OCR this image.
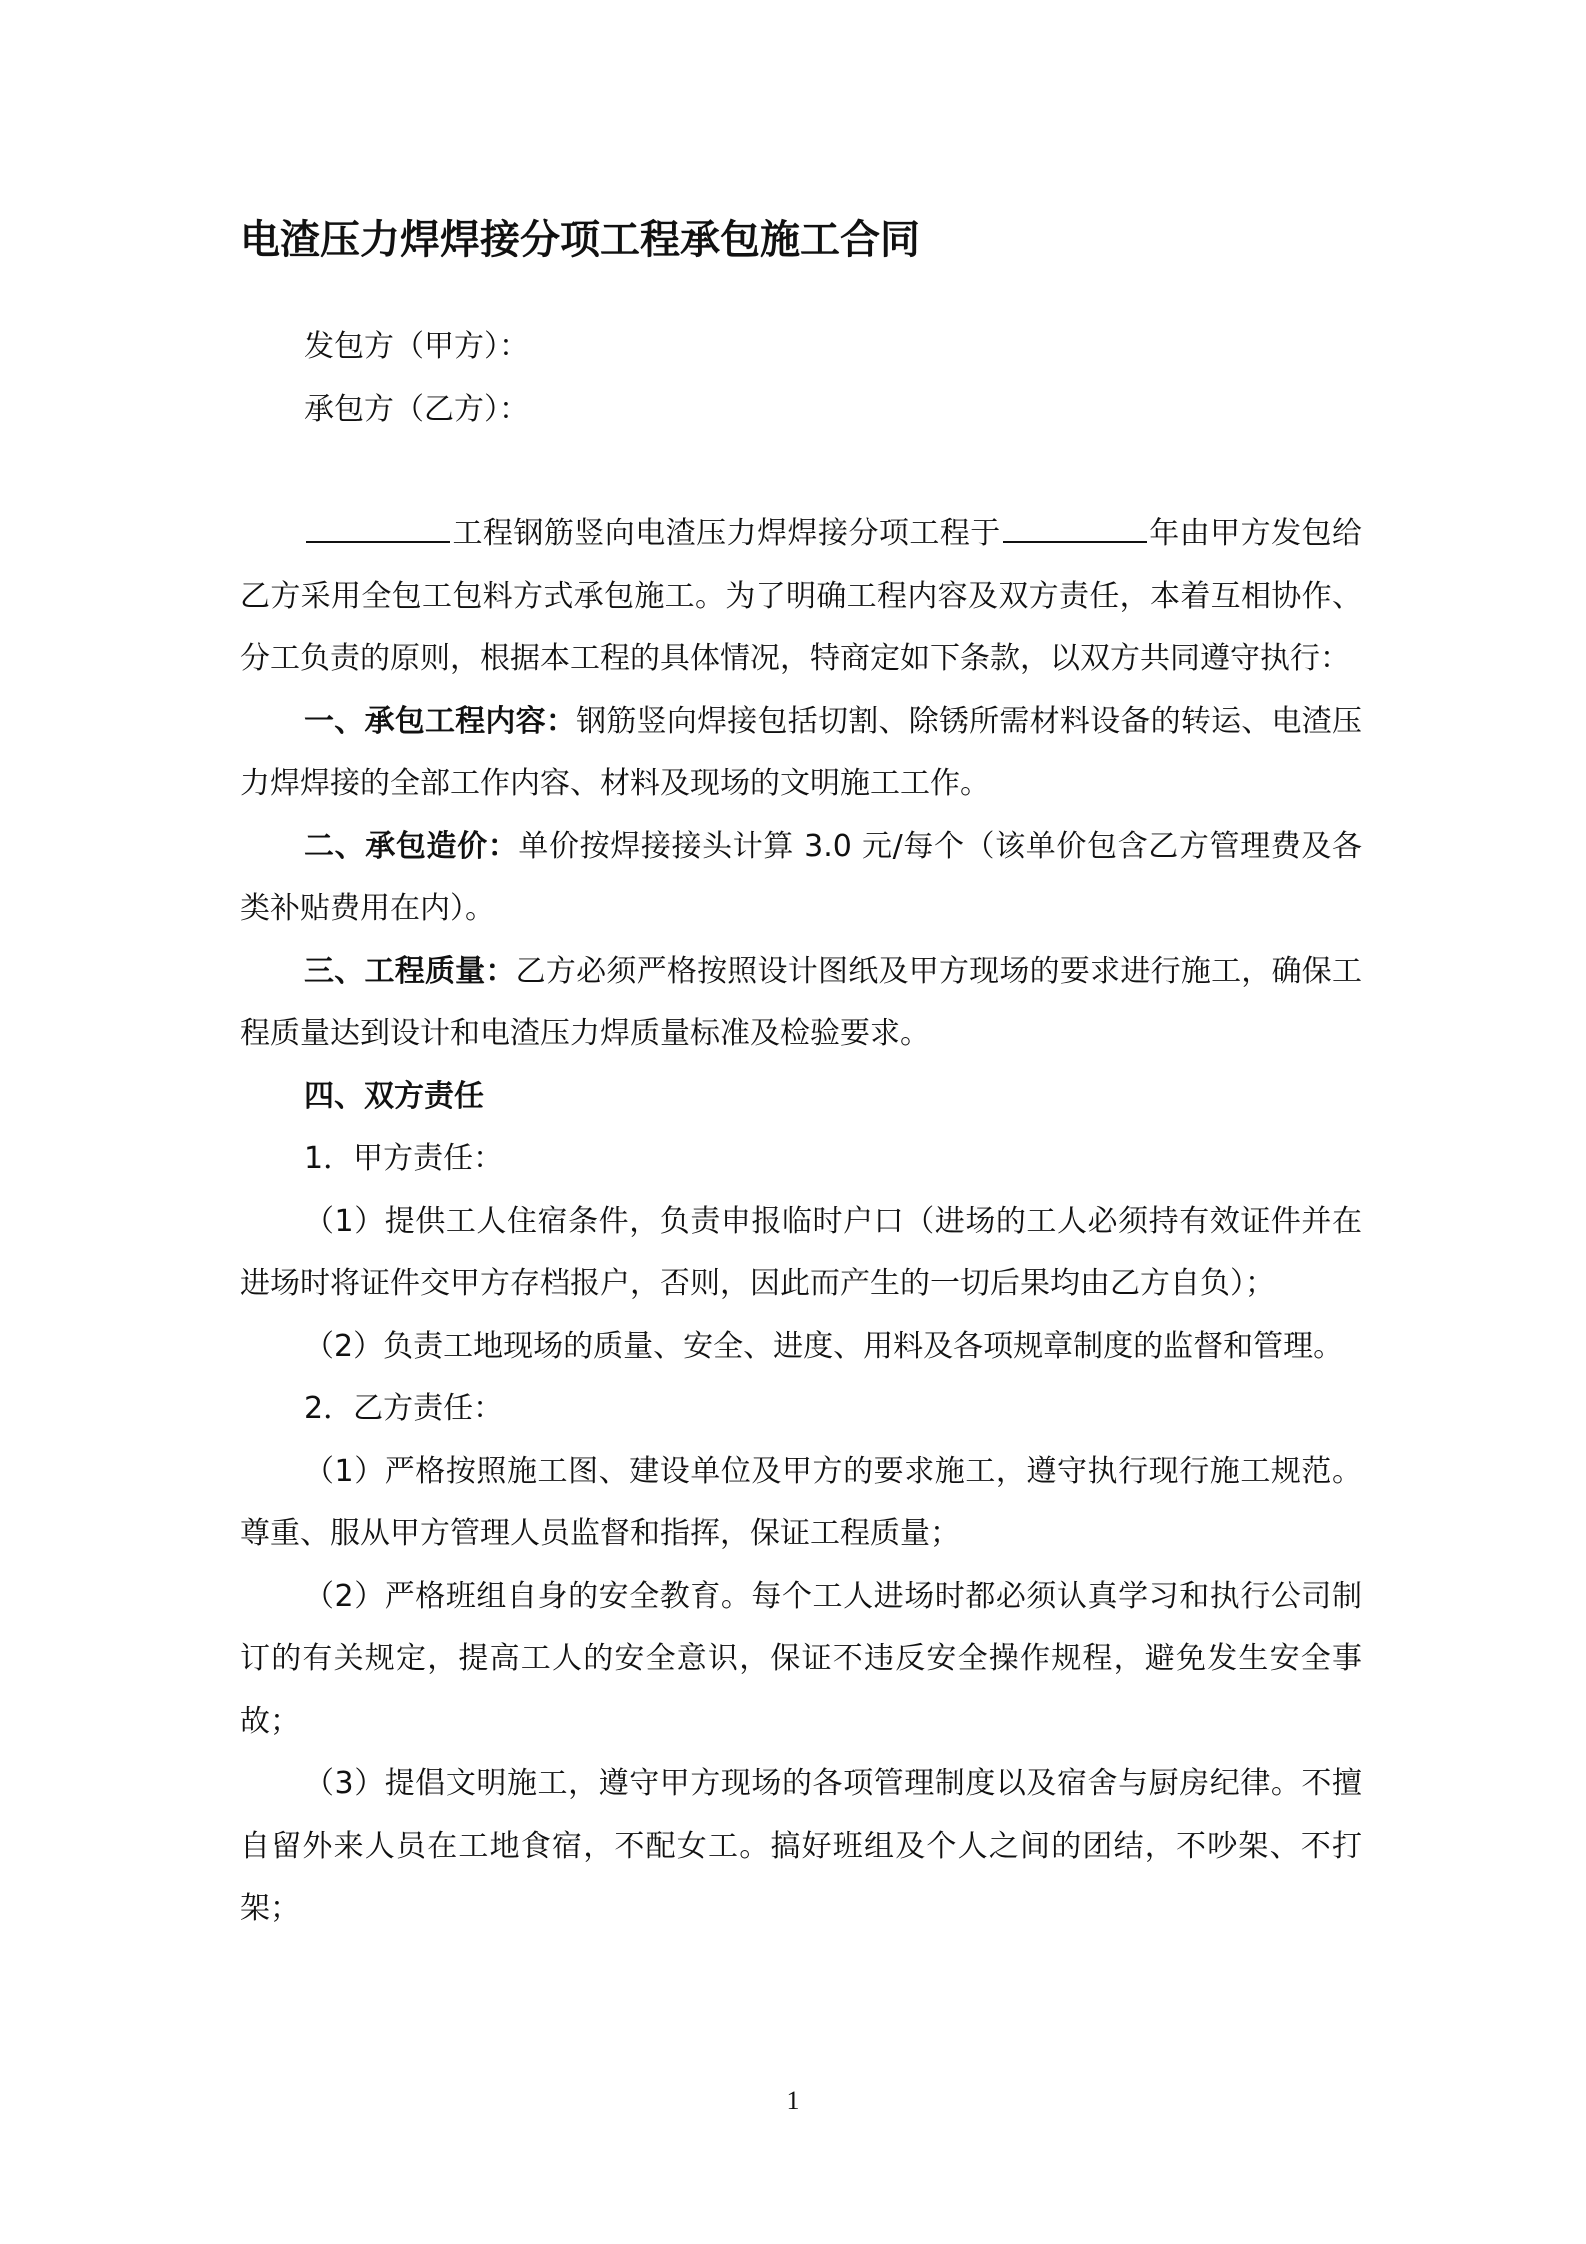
电渣压力焊焊接分项工程承包施工合同

发包方（甲方）：

承包方（乙方）：

工程钢筋竖向电渣压力焊焊接分项工程于	年由甲方发包给乙方采用全包工包料方式承包施工。为了明确工程内容及双方责任，本着互相协作、分工负责的原则，根据本工程的具体情况，特商定如下条款，以双方共同遵守执行：

一、承包工程内容：钢筋竖向焊接包括切割、除锈所需材料设备的转运、电渣压力焊焊接的全部工作内容、材料及现场的文明施工工作。

二、承包造价：单价按焊接接头计算 3.0 元/每个（该单价包含乙方管理费及各类补贴费用在内）。

三、工程质量：乙方必须严格按照设计图纸及甲方现场的要求进行施工，确保工程质量达到设计和电渣压力焊质量标准及检验要求。

四、双方责任

1．甲方责任：

（1）提供工人住宿条件，负责申报临时户口（进场的工人必须持有效证件并在进场时将证件交甲方存档报户，否则，因此而产生的一切后果均由乙方自负）；

（2）负责工地现场的质量、安全、进度、用料及各项规章制度的监督和管理。

2．乙方责任：

（1）严格按照施工图、建设单位及甲方的要求施工，遵守执行现行施工规范。尊重、服从甲方管理人员监督和指挥，保证工程质量；

（2）严格班组自身的安全教育。每个工人进场时都必须认真学习和执行公司制订的有关规定，提高工人的安全意识，保证不违反安全操作规程，避免发生安全事故；

（3）提倡文明施工，遵守甲方现场的各项管理制度以及宿舍与厨房纪律。不擅自留外来人员在工地食宿，不配女工。搞好班组及个人之间的团结，不吵架、不打架；

1
